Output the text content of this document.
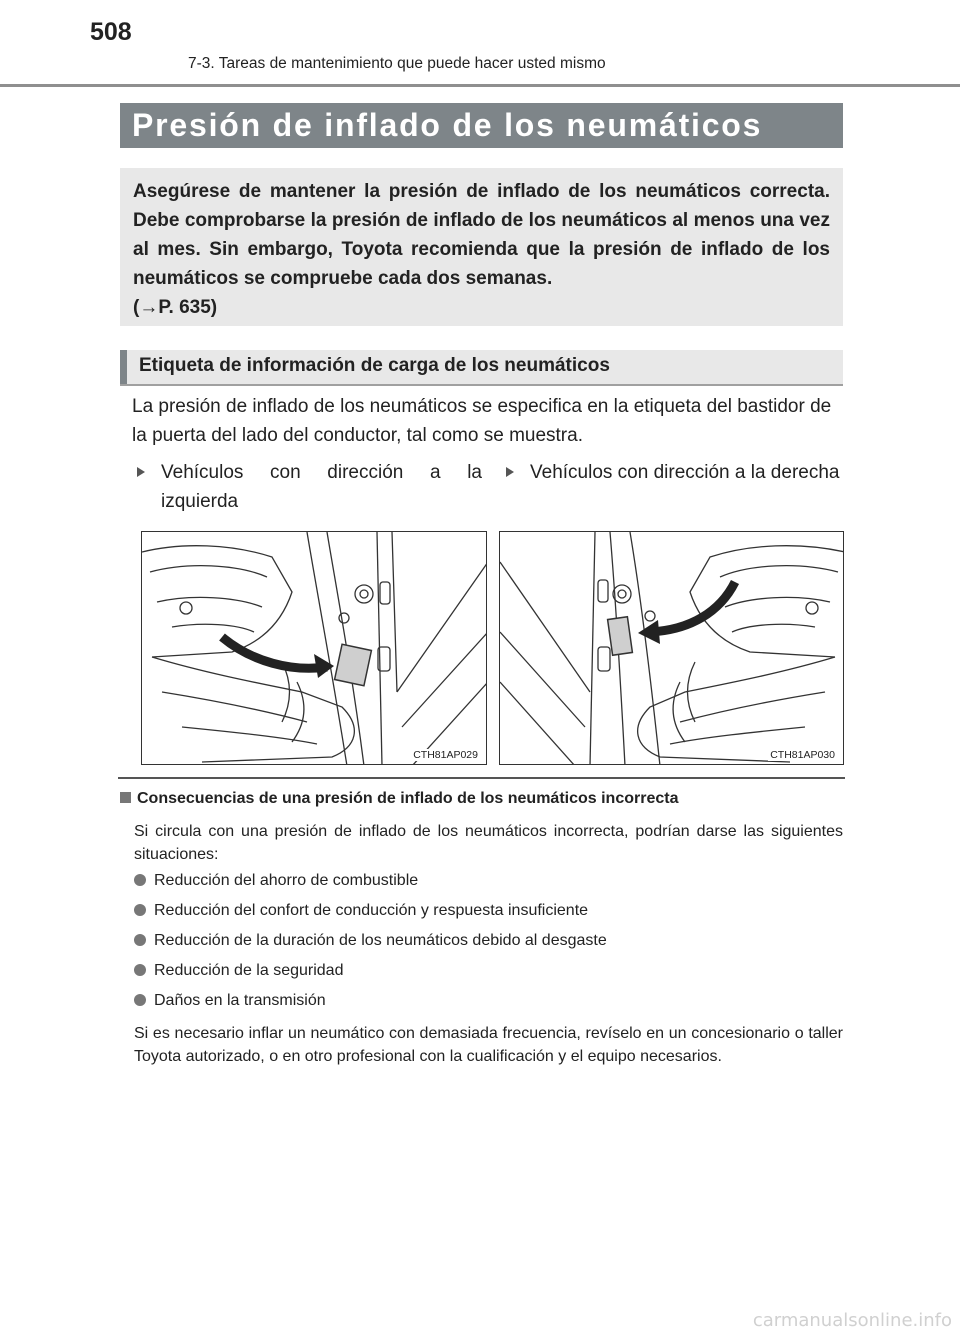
508
7-3. Tareas de mantenimiento que puede hacer usted mismo
Presión de inflado de los neumáticos
Asegúrese de mantener la presión de inflado de los neumáticos correcta. Debe comprobarse la presión de inflado de los neumáticos al menos una vez al mes. Sin embargo, Toyota recomienda que la presión de inflado de los neumáticos se compruebe cada dos semanas.
(→P. 635)
Etiqueta de información de carga de los neumáticos
La presión de inflado de los neumáticos se especifica en la etiqueta del bastidor de la puerta del lado del conductor, tal como se muestra.
Vehículos con dirección a la
izquierda
Vehículos con dirección a la derecha
CTH81AP029	CTH81AP030
Consecuencias de una presión de inflado de los neumáticos incorrecta
Si circula con una presión de inflado de los neumáticos incorrecta, podrían darse las siguientes situaciones:
Reducción del ahorro de combustible
Reducción del confort de conducción y respuesta insuficiente
Reducción de la duración de los neumáticos debido al desgaste
Reducción de la seguridad
Daños en la transmisión
Si es necesario inflar un neumático con demasiada frecuencia, revíselo en un concesionario o taller Toyota autorizado, o en otro profesional con la cualificación y el equipo necesarios.
carmanualsonline.info
